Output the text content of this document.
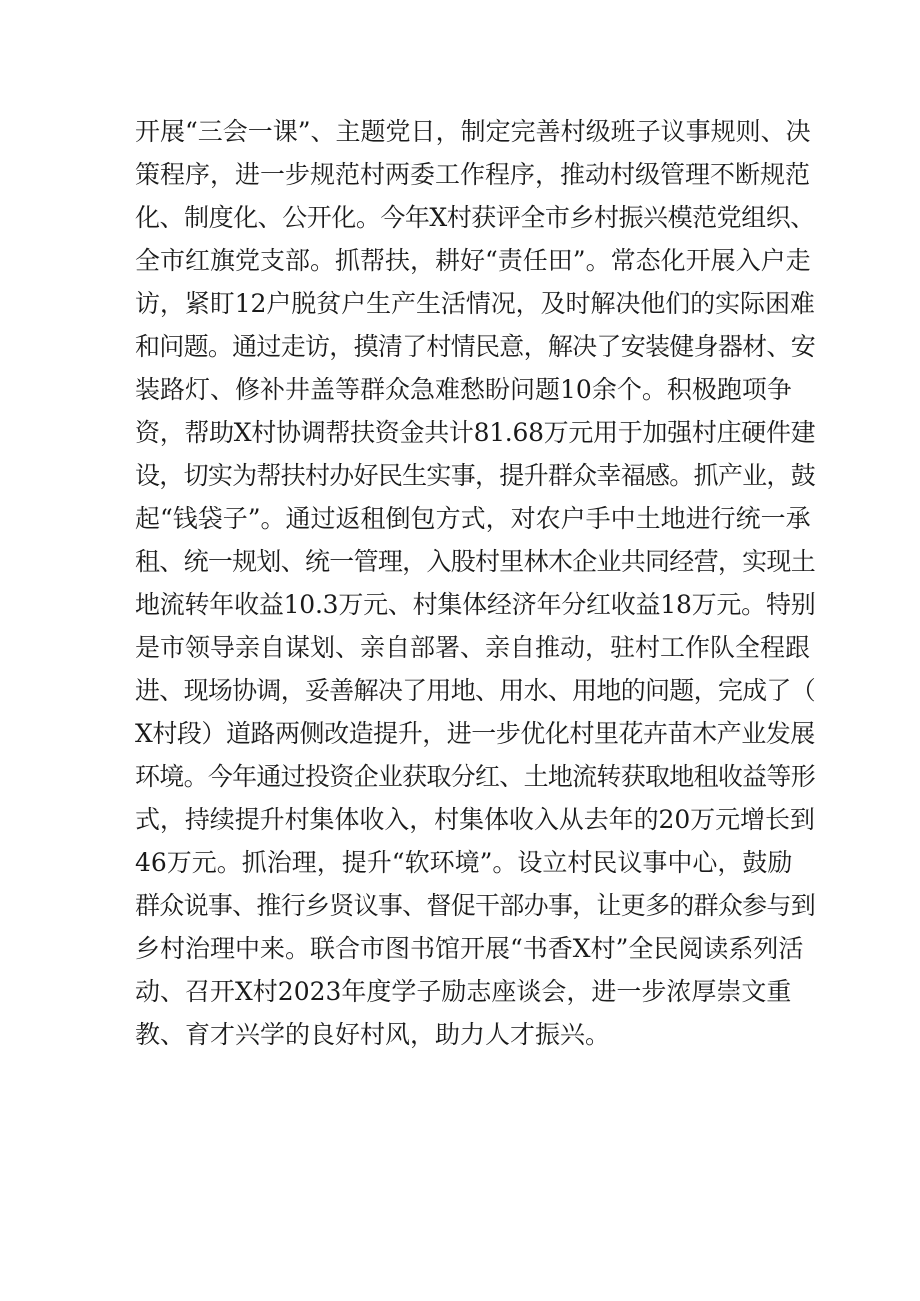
开展“三会一课”、主题党日，制定完善村级班子议事规则、决
策程序，进一步规范村两委工作程序，推动村级管理不断规范
化、制度化、公开化。今年X村获评全市乡村振兴模范党组织、
全市红旗党支部。抓帮扶，耕好“责任田”。常态化开展入户走
访，紧盯12户脱贫户生产生活情况，及时解决他们的实际困难
和问题。通过走访，摸清了村情民意，解决了安装健身器材、安
装路灯、修补井盖等群众急难愁盼问题10余个。积极跑项争
资，帮助X村协调帮扶资金共计81.68万元用于加强村庄硬件建
设，切实为帮扶村办好民生实事，提升群众幸福感。抓产业，鼓
起“钱袋子”。通过返租倒包方式，对农户手中土地进行统一承
租、统一规划、统一管理，入股村里林木企业共同经营，实现土
地流转年收益10.3万元、村集体经济年分红收益18万元。特别
是市领导亲自谋划、亲自部署、亲自推动，驻村工作队全程跟
进、现场协调，妥善解决了用地、用水、用地的问题，完成了（
X村段）道路两侧改造提升，进一步优化村里花卉苗木产业发展
环境。今年通过投资企业获取分红、土地流转获取地租收益等形
式，持续提升村集体收入，村集体收入从去年的20万元增长到
46万元。抓治理，提升“软环境”。设立村民议事中心，鼓励
群众说事、推行乡贤议事、督促干部办事，让更多的群众参与到
乡村治理中来。联合市图书馆开展“书香X村”全民阅读系列活
动、召开X村2023年度学子励志座谈会，进一步浓厚崇文重
教、育才兴学的良好村风，助力人才振兴。
